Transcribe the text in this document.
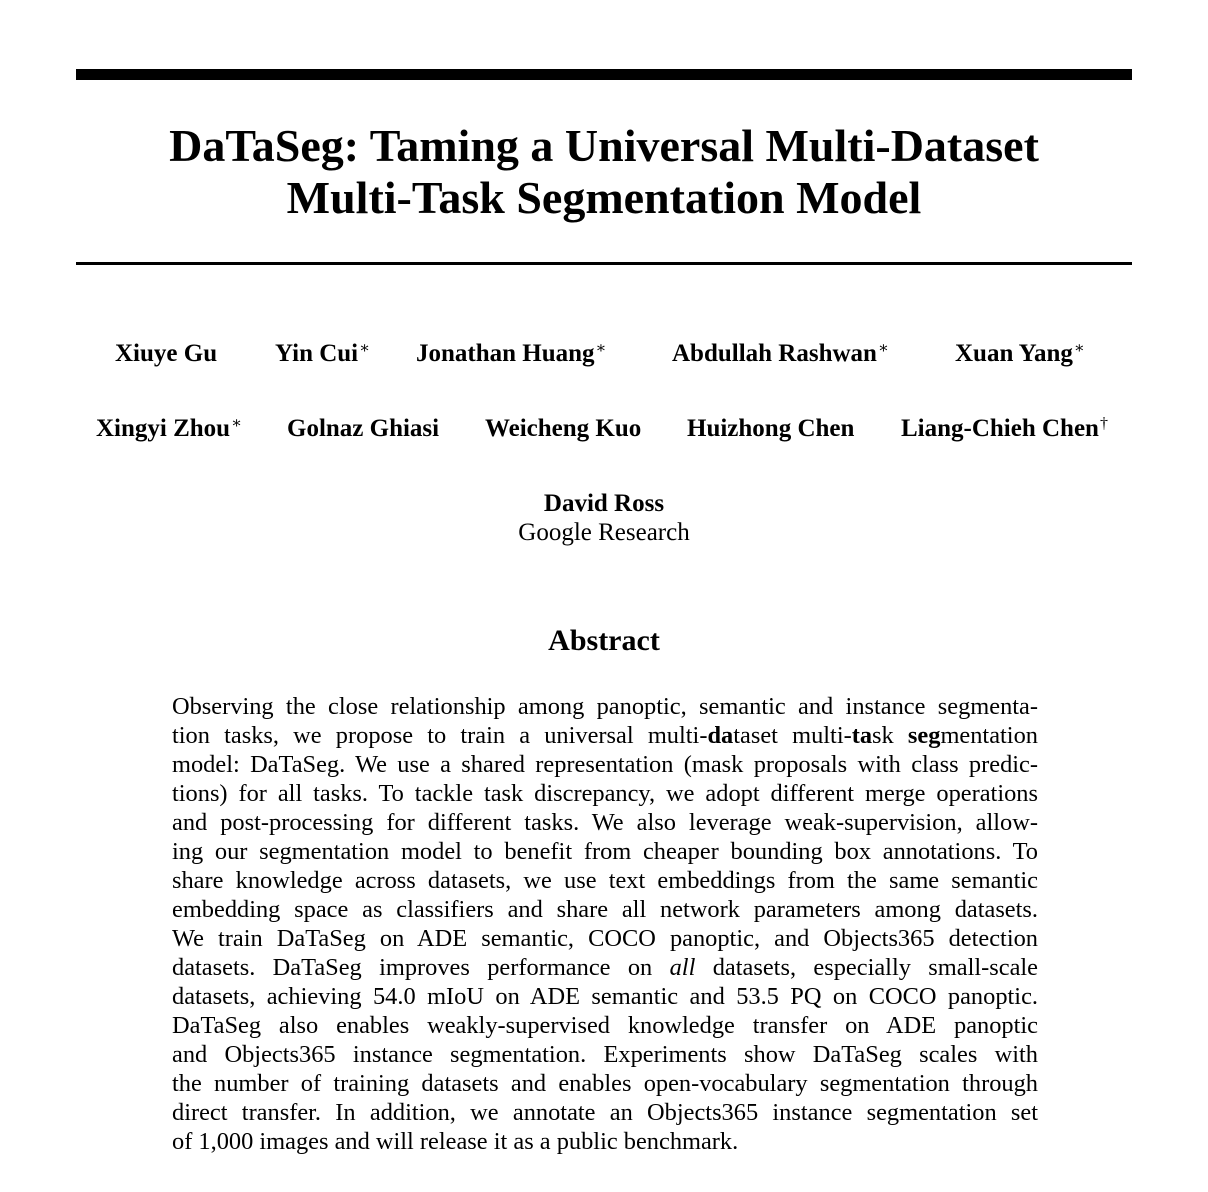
DaTaSeg: Taming a Universal Multi-Dataset
Multi-Task Segmentation Model
Xiuye Gu Yin Cui∗ Jonathan Huang∗	Abdullah Rashwan∗	Xuan Yang∗
Xingyi Zhou∗ Golnaz Ghiasi Weicheng Kuo Huizhong Chen Liang-Chieh Chen†
David Ross
Google Research
Abstract
Observing the close relationship among panoptic, semantic and instance segmenta-
tion tasks, we propose to train a universal multi-dataset multi-task segmentation
model: DaTaSeg. We use a shared representation (mask proposals with class predic-
tions) for all tasks. To tackle task discrepancy, we adopt different merge operations
and post-processing for different tasks. We also leverage weak-supervision, allow-
ing our segmentation model to benefit from cheaper bounding box annotations. To
share knowledge across datasets, we use text embeddings from the same semantic
embedding space as classifiers and share all network parameters among datasets.
We train DaTaSeg on ADE semantic, COCO panoptic, and Objects365 detection
datasets. DaTaSeg improves performance on all datasets, especially small-scale
datasets, achieving 54.0 mIoU on ADE semantic and 53.5 PQ on COCO panoptic.
DaTaSeg also enables weakly-supervised knowledge transfer on ADE panoptic
and Objects365 instance segmentation. Experiments show DaTaSeg scales with
the number of training datasets and enables open-vocabulary segmentation through
direct transfer. In addition, we annotate an Objects365 instance segmentation set
of 1,000 images and will release it as a public benchmark.
